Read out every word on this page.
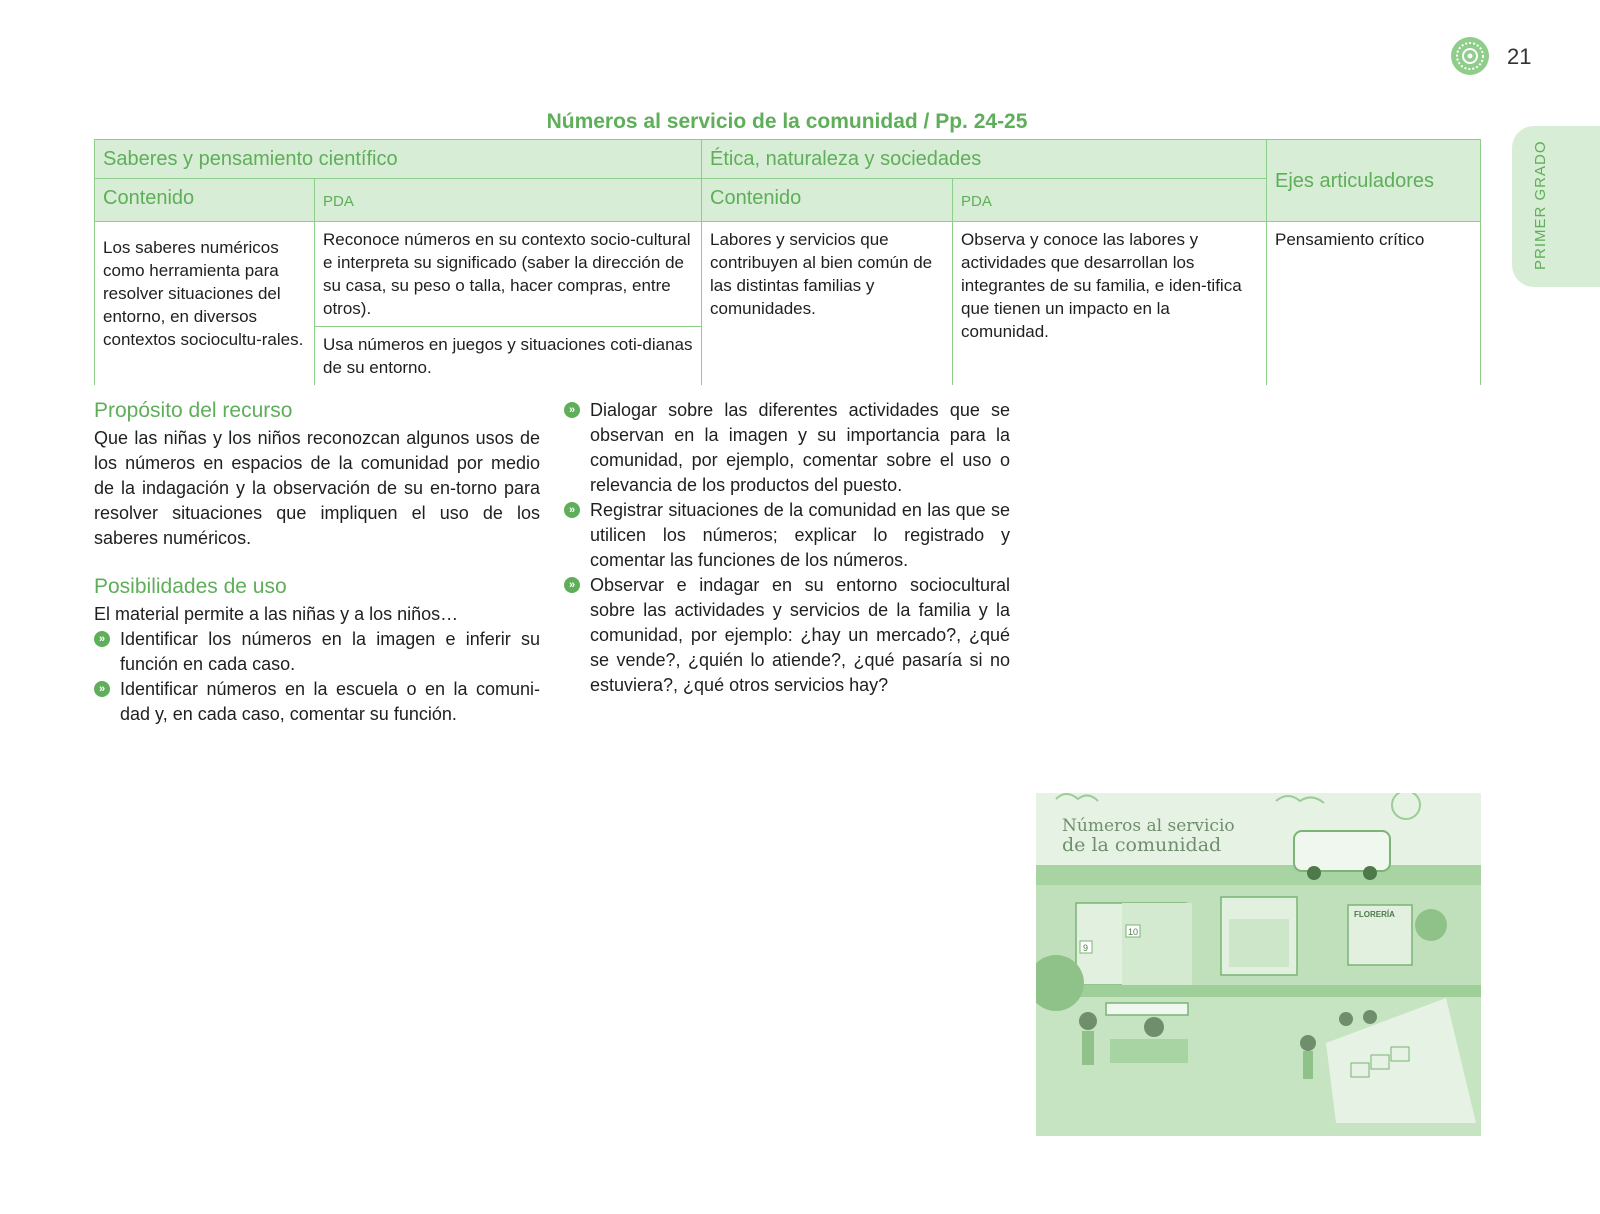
21
PRIMER GRADO
Números al servicio de la comunidad / Pp. 24-25
Saberes y pensamiento científico		Ética, naturaleza y sociedades		Ejes articuladores
Contenido	PDA	Contenido	PDA	
Los saberes numéricos como herramienta para resolver situaciones del entorno, en diversos contextos sociocultu-rales.	Reconoce números en su contexto socio-cultural e interpreta su significado (saber la dirección de su casa, su peso o talla, hacer compras, entre otros).	Labores y servicios que contribuyen al bien común de las distintas familias y comunidades.	Observa y conoce las labores y actividades que desarrollan los integrantes de su familia, e iden-tifica que tienen un impacto en la comunidad.	Pensamiento crítico
	Usa números en juegos y situaciones coti-dianas de su entorno.			
Propósito del recurso
Que las niñas y los niños reconozcan algunos usos de los números en espacios de la comunidad por medio de la indagación y la observación de su en-torno para resolver situaciones que impliquen el uso de los saberes numéricos.
Posibilidades de uso
El material permite a las niñas y a los niños…
» Identificar los números en la imagen e inferir su función en cada caso.
» Identificar números en la escuela o en la comuni-dad y, en cada caso, comentar su función.
» Dialogar sobre las diferentes actividades que se observan en la imagen y su importancia para la comunidad, por ejemplo, comentar sobre el uso o relevancia de los productos del puesto.
» Registrar situaciones de la comunidad en las que se utilicen los números; explicar lo registrado y comentar las funciones de los números.
» Observar e indagar en su entorno sociocultural sobre las actividades y servicios de la familia y la comunidad, por ejemplo: ¿hay un mercado?, ¿qué se vende?, ¿quién lo atiende?, ¿qué pasaría si no estuviera?, ¿qué otros servicios hay?
Números al servicio
de la comunidad
9
10
FLORERÍA
